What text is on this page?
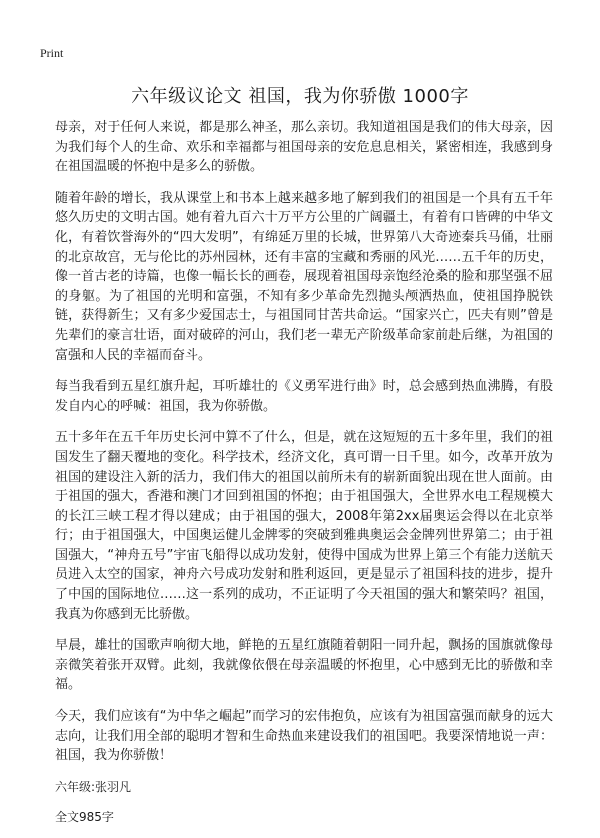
Print
六年级议论文 祖国，我为你骄傲 1000字

母亲，对于任何人来说，都是那么神圣，那么亲切。我知道祖国是我们的伟大母亲，因为我们每个人的生命、欢乐和幸福都与祖国母亲的安危息息相关，紧密相连，我感到身在祖国温暖的怀抱中是多么的骄傲。

随着年龄的增长，我从课堂上和书本上越来越多地了解到我们的祖国是一个具有五千年悠久历史的文明古国。她有着九百六十万平方公里的广阔疆土，有着有口皆碑的中华文化，有着饮誉海外的“四大发明”，有绵延万里的长城，世界第八大奇迹秦兵马俑，壮丽的北京故宫，无与伦比的苏州园林，还有丰富的宝藏和秀丽的风光……五千年的历史，像一首古老的诗篇，也像一幅长长的画卷，展现着祖国母亲饱经沧桑的脸和那坚强不屈的身躯。为了祖国的光明和富强，不知有多少革命先烈抛头颅洒热血，使祖国挣脱铁链，获得新生；又有多少爱国志士，与祖国同甘苦共命运。“国家兴亡，匹夫有则”曾是先辈们的豪言壮语，面对破碎的河山，我们老一辈无产阶级革命家前赴后继，为祖国的富强和人民的幸福而奋斗。

每当我看到五星红旗升起，耳听雄壮的《义勇军进行曲》时，总会感到热血沸腾，有股发自内心的呼喊：祖国，我为你骄傲。

五十多年在五千年历史长河中算不了什么，但是，就在这短短的五十多年里，我们的祖国发生了翻天覆地的变化。科学技术，经济文化，真可谓一日千里。如今，改革开放为祖国的建设注入新的活力，我们伟大的祖国以前所未有的崭新面貌出现在世人面前。由于祖国的强大，香港和澳门才回到祖国的怀抱；由于祖国强大，全世界水电工程规模大的长江三峡工程才得以建成；由于祖国的强大，2008年第2xx届奥运会得以在北京举行；由于祖国强大，中国奥运健儿金牌零的突破到雅典奥运会金牌列世界第二；由于祖国强大，“神舟五号”宇宙飞船得以成功发射，使得中国成为世界上第三个有能力送航天员进入太空的国家，神舟六号成功发射和胜利返回，更是显示了祖国科技的进步，提升了中国的国际地位……这一系列的成功，不正证明了今天祖国的强大和繁荣吗？祖国，我真为你感到无比骄傲。

早晨，雄壮的国歌声响彻大地，鲜艳的五星红旗随着朝阳一同升起，飘扬的国旗就像母亲微笑着张开双臂。此刻，我就像依偎在母亲温暖的怀抱里，心中感到无比的骄傲和幸福。

今天，我们应该有“为中华之崛起”而学习的宏伟抱负，应该有为祖国富强而献身的远大志向，让我们用全部的聪明才智和生命热血来建设我们的祖国吧。我要深情地说一声：祖国，我为你骄傲！

六年级:张羽凡
全文985字
